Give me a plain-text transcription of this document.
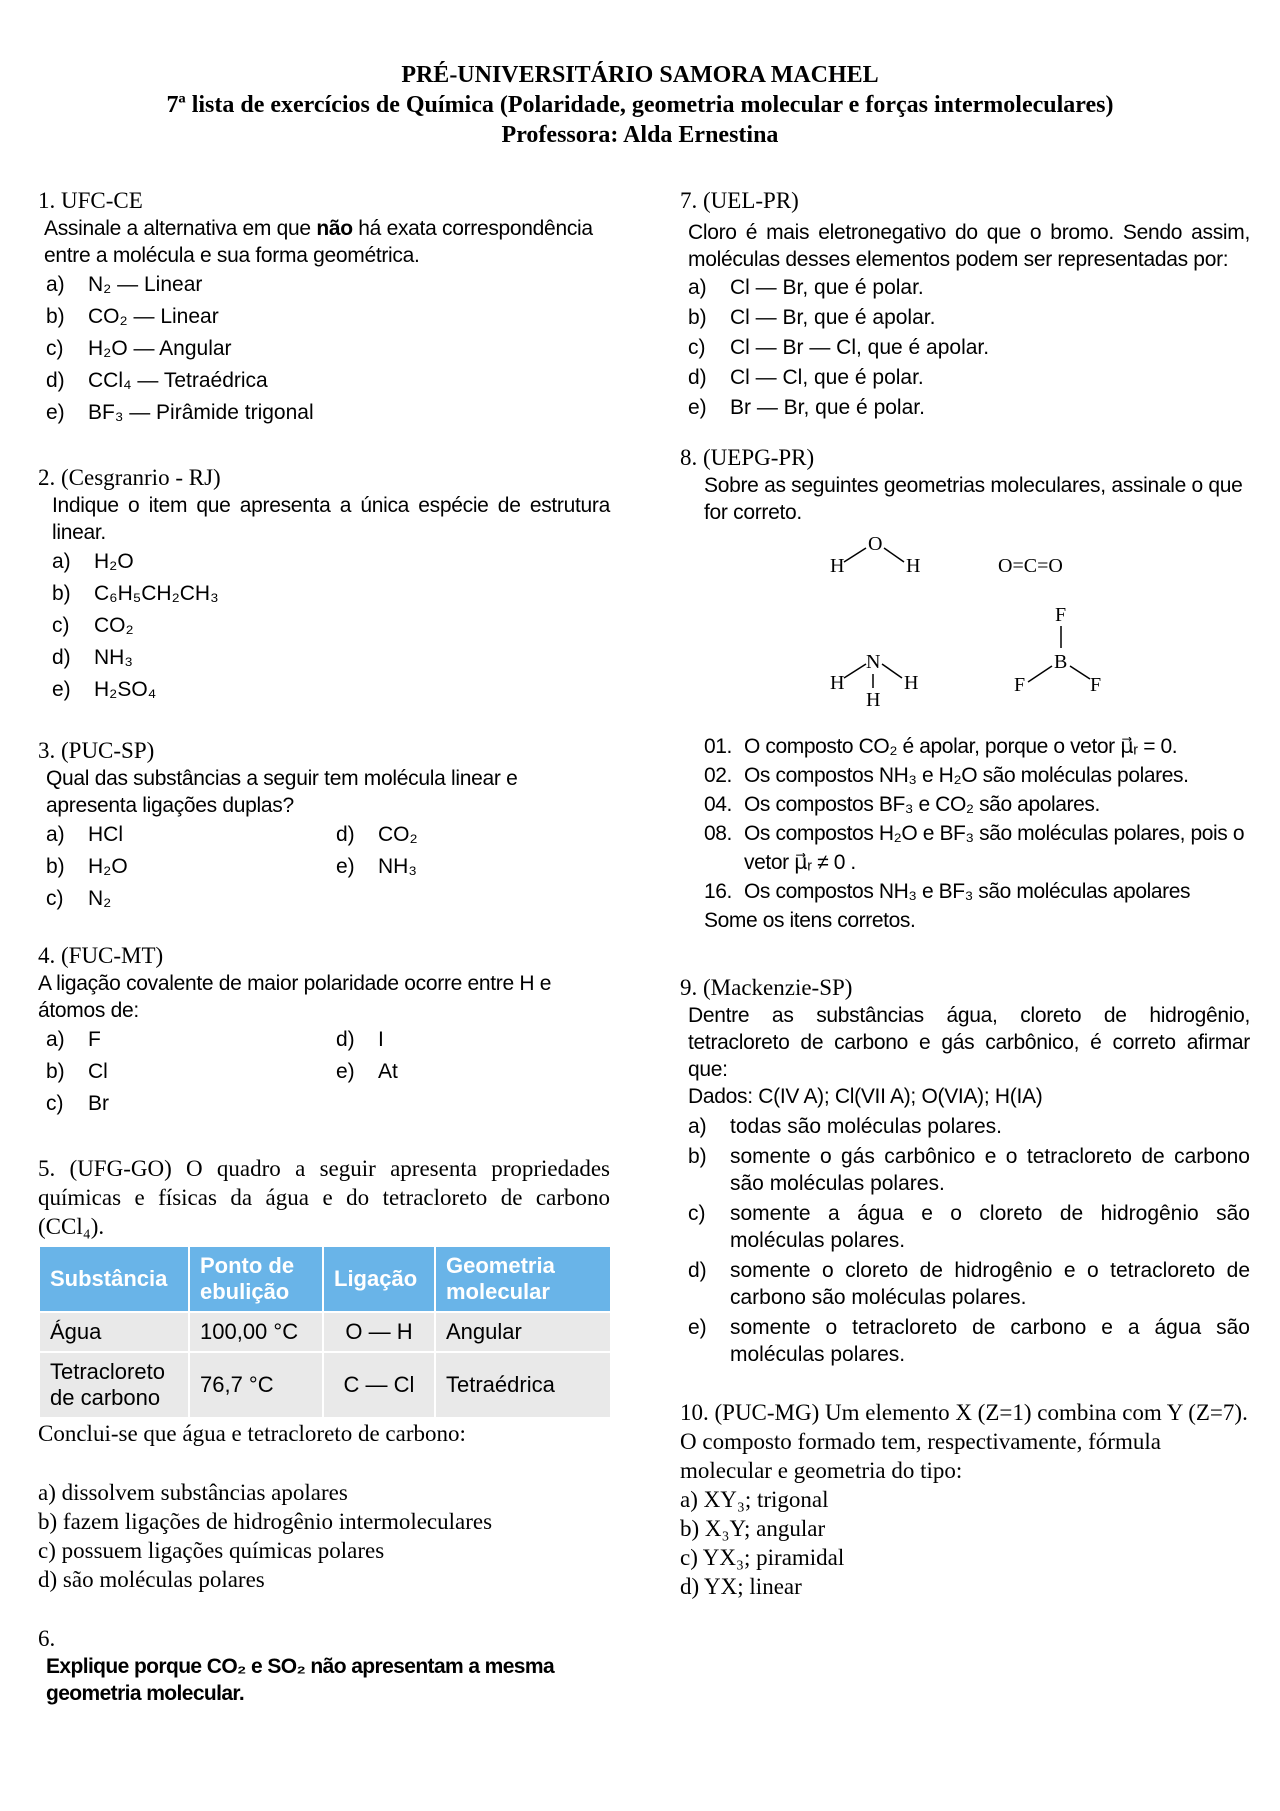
PRÉ-UNIVERSITÁRIO SAMORA MACHEL
7ª lista de exercícios de Química (Polaridade, geometria molecular e forças intermoleculares)
Professora: Alda Ernestina
1. UFC-CE
Assinale a alternativa em que não há exata correspondência entre a molécula e sua forma geométrica.
a)	N₂ — Linear
b)	CO₂ — Linear
c)	H₂O — Angular
d)	CCl₄ — Tetraédrica
e)	BF₃ — Pirâmide trigonal
2. (Cesgranrio - RJ)
Indique o item que apresenta a única espécie de estrutura linear.
a)	H₂O
b)	C₆H₅CH₂CH₃
c)	CO₂
d)	NH₃
e)	H₂SO₄
3. (PUC-SP)
Qual das substâncias a seguir tem molécula linear e apresenta ligações duplas?
a)	HCl	d)	CO₂
b)	H₂O	e)	NH₃
c)	N₂
4. (FUC-MT)
A ligação covalente de maior polaridade ocorre entre H e átomos de:
a)	F	d)	I
b)	Cl	e)	At
c)	Br
5. (UFG-GO) O quadro a seguir apresenta propriedades químicas e físicas da água e do tetracloreto de carbono (CCl₄).
Substância	Ponto de ebulição	Ligação	Geometria molecular
Água	100,00 °C	O — H	Angular
Tetracloreto de carbono	76,7 °C	C — Cl	Tetraédrica
Conclui-se que água e tetracloreto de carbono:
a) dissolvem substâncias apolares
b) fazem ligações de hidrogênio intermoleculares
c) possuem ligações químicas polares
d) são moléculas polares
6.
Explique porque CO₂ e SO₂ não apresentam a mesma geometria molecular.
7. (UEL-PR)
Cloro é mais eletronegativo do que o bromo. Sendo assim, moléculas desses elementos podem ser representadas por:
a)	Cl — Br, que é polar.
b)	Cl — Br, que é apolar.
c)	Cl — Br — Cl, que é apolar.
d)	Cl — Cl, que é polar.
e)	Br — Br, que é polar.
8. (UEPG-PR)
Sobre as seguintes geometrias moleculares, assinale o que for correto.
H
O
H	O=C=O
H
N
H
H
F
B
F	F
01. O composto CO₂ é apolar, porque o vetor μ⃗ᵣ = 0.
02. Os compostos NH₃ e H₂O são moléculas polares.
04. Os compostos BF₃ e CO₂ são apolares.
08. Os compostos H₂O e BF₃ são moléculas polares, pois o vetor μ⃗ᵣ ≠ 0 .
16. Os compostos NH₃ e BF₃ são moléculas apolares
Some os itens corretos.
9. (Mackenzie-SP)
Dentre as substâncias água, cloreto de hidrogênio, tetracloreto de carbono e gás carbônico, é correto afirmar que:
Dados: C(IV A); Cl(VII A); O(VIA); H(IA)
a)	todas são moléculas polares.
b)	somente o gás carbônico e o tetracloreto de carbono são moléculas polares.
c)	somente a água e o cloreto de hidrogênio são moléculas polares.
d)	somente o cloreto de hidrogênio e o tetracloreto de carbono são moléculas polares.
e)	somente o tetracloreto de carbono e a água são moléculas polares.
10. (PUC-MG) Um elemento X (Z=1) combina com Y (Z=7). O composto formado tem, respectivamente, fórmula molecular e geometria do tipo:
a) XY₃; trigonal
b) X₃Y; angular
c) YX₃; piramidal
d) YX; linear
